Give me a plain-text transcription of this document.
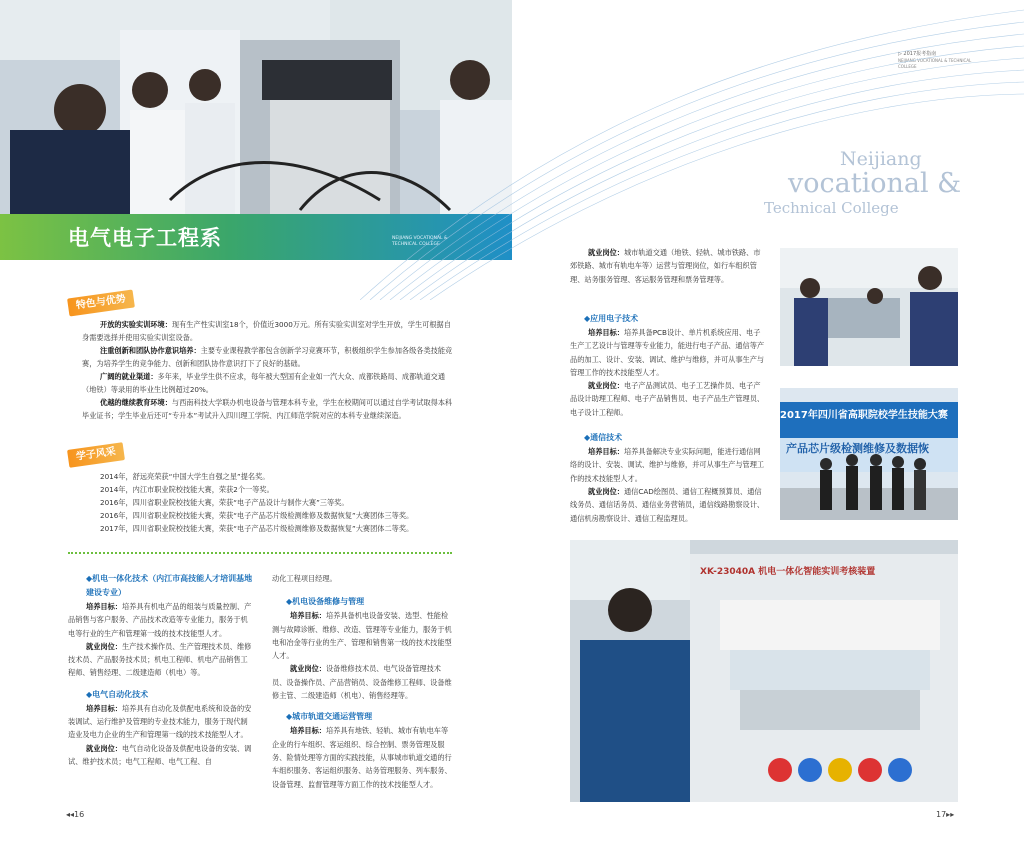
电气电子工程系	NEIJIANG VOCATIONAL & TECHNICAL COLLEGE
特色与优势
开放的实验实训环境：现有生产性实训室18个，价值近3000万元。所有实验实训室对学生开放，学生可根据自身需要选择并使用实验实训室设备。
注重创新和团队协作意识培养：主要专业课程教学都包含创新学习竞赛环节，积极组织学生参加各级各类技能竞赛，为培养学生的竞争能力、创新和团队协作意识打下了良好的基础。
广阔的就业渠道：多年来，毕业学生供不应求，每年被大型国有企业如一汽大众、成都铁路局、成都轨道交通（地铁）等录用的毕业生比例超过20%。
优越的继续教育环境：与西南科技大学联办机电设备与管理本科专业，学生在校期间可以通过自学考试取得本科毕业证书；学生毕业后还可“专升本”考试升入四川理工学院、内江师范学院对应的本科专业继续深造。
学子风采
2014年，舒远亮荣获“中国大学生自强之星”提名奖。
2014年，内江市职业院校技能大赛，荣获2个一等奖。
2016年，四川省职业院校技能大赛，荣获“电子产品设计与制作大赛”三等奖。
2016年，四川省职业院校技能大赛，荣获“电子产品芯片级检测维修及数据恢复”大赛团体三等奖。
2017年，四川省职业院校技能大赛，荣获“电子产品芯片级检测维修及数据恢复”大赛团体二等奖。
◆机电一体化技术（内江市高技能人才培训基地建设专业）
培养目标：培养具有机电产品的组装与质量控制、产品销售与客户服务、产品技术改造等专业能力，服务于机电等行业的生产和管理第一线的技术技能型人才。
就业岗位：生产技术操作员、生产管理技术员、维修技术员、产品服务技术员；机电工程师、机电产品销售工程师、销售经理、二级建造师（机电）等。
◆电气自动化技术
培养目标：培养具有自动化及供配电系统和设备的安装调试、运行维护及管理的专业技术能力，服务于现代制造业及电力企业的生产和管理第一线的技术技能型人才。
就业岗位：电气自动化设备及供配电设备的安装、调试、维护技术员；电气工程师、电气工程、自
动化工程项目经理。
◆机电设备维修与管理
培养目标：培养具备机电设备安装、选型、性能检测与故障诊断、维修、改造、管理等专业能力，服务于机电和冶金等行业的生产、管理和销售第一线的技术技能型人才。
就业岗位：设备维修技术员、电气设备管理技术员、设备操作员、产品营销员、设备维修工程师、设备维修主管、二级建造师（机电）、销售经理等。
◆城市轨道交通运营管理
培养目标：培养具有地铁、轻轨、城市有轨电车等企业的行车组织、客运组织、综合控制、票务管理及服务、险情处理等方面的实践技能，从事城市轨道交通的行车组织服务、客运组织服务、站务管理服务、列车服务、设备管理、监督管理等方面工作的技术技能型人才。
◂◂16
▷ 2017报考指南
NEIJIANG VOCATIONAL & TECHNICAL COLLEGE
Neijiang
vocational &
Technical College
就业岗位：城市轨道交通（地铁、轻轨、城市铁路、市郊铁路、城市有轨电车等）运营与管理岗位，如行车组织管理、站务服务管理、客运服务管理和票务管理等。
◆应用电子技术
培养目标：培养具备PCB设计、单片机系统应用、电子生产工艺设计与管理等专业能力，能进行电子产品、通信等产品的加工、设计、安装、调试、维护与维修，并可从事生产与管理工作的技术技能型人才。
就业岗位：电子产品测试员、电子工艺操作员、电子产品设计助理工程师、电子产品销售员、电子产品生产管理员、电子设计工程师。
◆通信技术
培养目标：培养具备解决专业实际问题，能进行通信网络的设计、安装、调试、维护与维修，并可从事生产与管理工作的技术技能型人才。
就业岗位：通信CAD绘图员、通信工程概预算员、通信线务员、通信话务员、通信业务营销员，通信线路勘察设计、通信机房勘察设计、通信工程监理员。
2017年四川省高职院校学生技能大赛
产品芯片级检测维修及数据恢
XK-23040A 机电一体化智能实训考核装置
17▸▸
